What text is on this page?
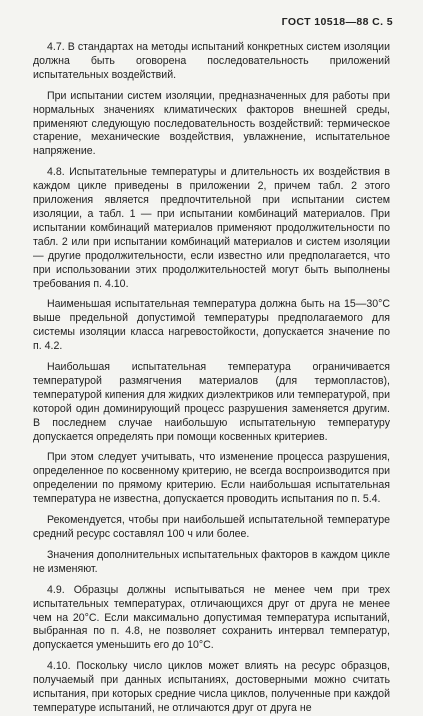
ГОСТ 10518—88 С. 5

4.7. В стандартах на методы испытаний конкретных систем изоляции должна быть оговорена последовательность приложений испытательных воздействий.

При испытании систем изоляции, предназначенных для работы при нормальных значениях климатических факторов внешней среды, применяют следующую последовательность воздействий: термическое старение, механические воздействия, увлажнение, испытательное напряжение.

4.8. Испытательные температуры и длительность их воздействия в каждом цикле приведены в приложении 2, причем табл. 2 этого приложения является предпочтительной при испытании систем изоляции, а табл. 1 — при испытании комбинаций материалов. При испытании комбинаций материалов применяют продолжительности по табл. 2 или при испытании комбинаций материалов и систем изоляции — другие продолжительности, если известно или предполагается, что при использовании этих продолжительностей могут быть выполнены требования п. 4.10.

Наименьшая испытательная температура должна быть на 15—30°C выше предельной допустимой температуры предполагаемого для системы изоляции класса нагревостойкости, допускается значение по п. 4.2.

Наибольшая испытательная температура ограничивается температурой размягчения материалов (для термопластов), температурой кипения для жидких диэлектриков или температурой, при которой один доминирующий процесс разрушения заменяется другим. В последнем случае наибольшую испытательную температуру допускается определять при помощи косвенных критериев.

При этом следует учитывать, что изменение процесса разрушения, определенное по косвенному критерию, не всегда воспроизводится при определении по прямому критерию. Если наибольшая испытательная температура не известна, допускается проводить испытания по п. 5.4.

Рекомендуется, чтобы при наибольшей испытательной температуре средний ресурс составлял 100 ч или более.

Значения дополнительных испытательных факторов в каждом цикле не изменяют.

4.9. Образцы должны испытываться не менее чем при трех испытательных температурах, отличающихся друг от друга не менее чем на 20°C. Если максимально допустимая температура испытаний, выбранная по п. 4.8, не позволяет сохранить интервал температур, допускается уменьшить его до 10°C.

4.10. Поскольку число циклов может влиять на ресурс образцов, получаемый при данных испытаниях, достоверными можно считать испытания, при которых средние числа циклов, полученные при каждой температуре испытаний, не отличаются друг от друга не
